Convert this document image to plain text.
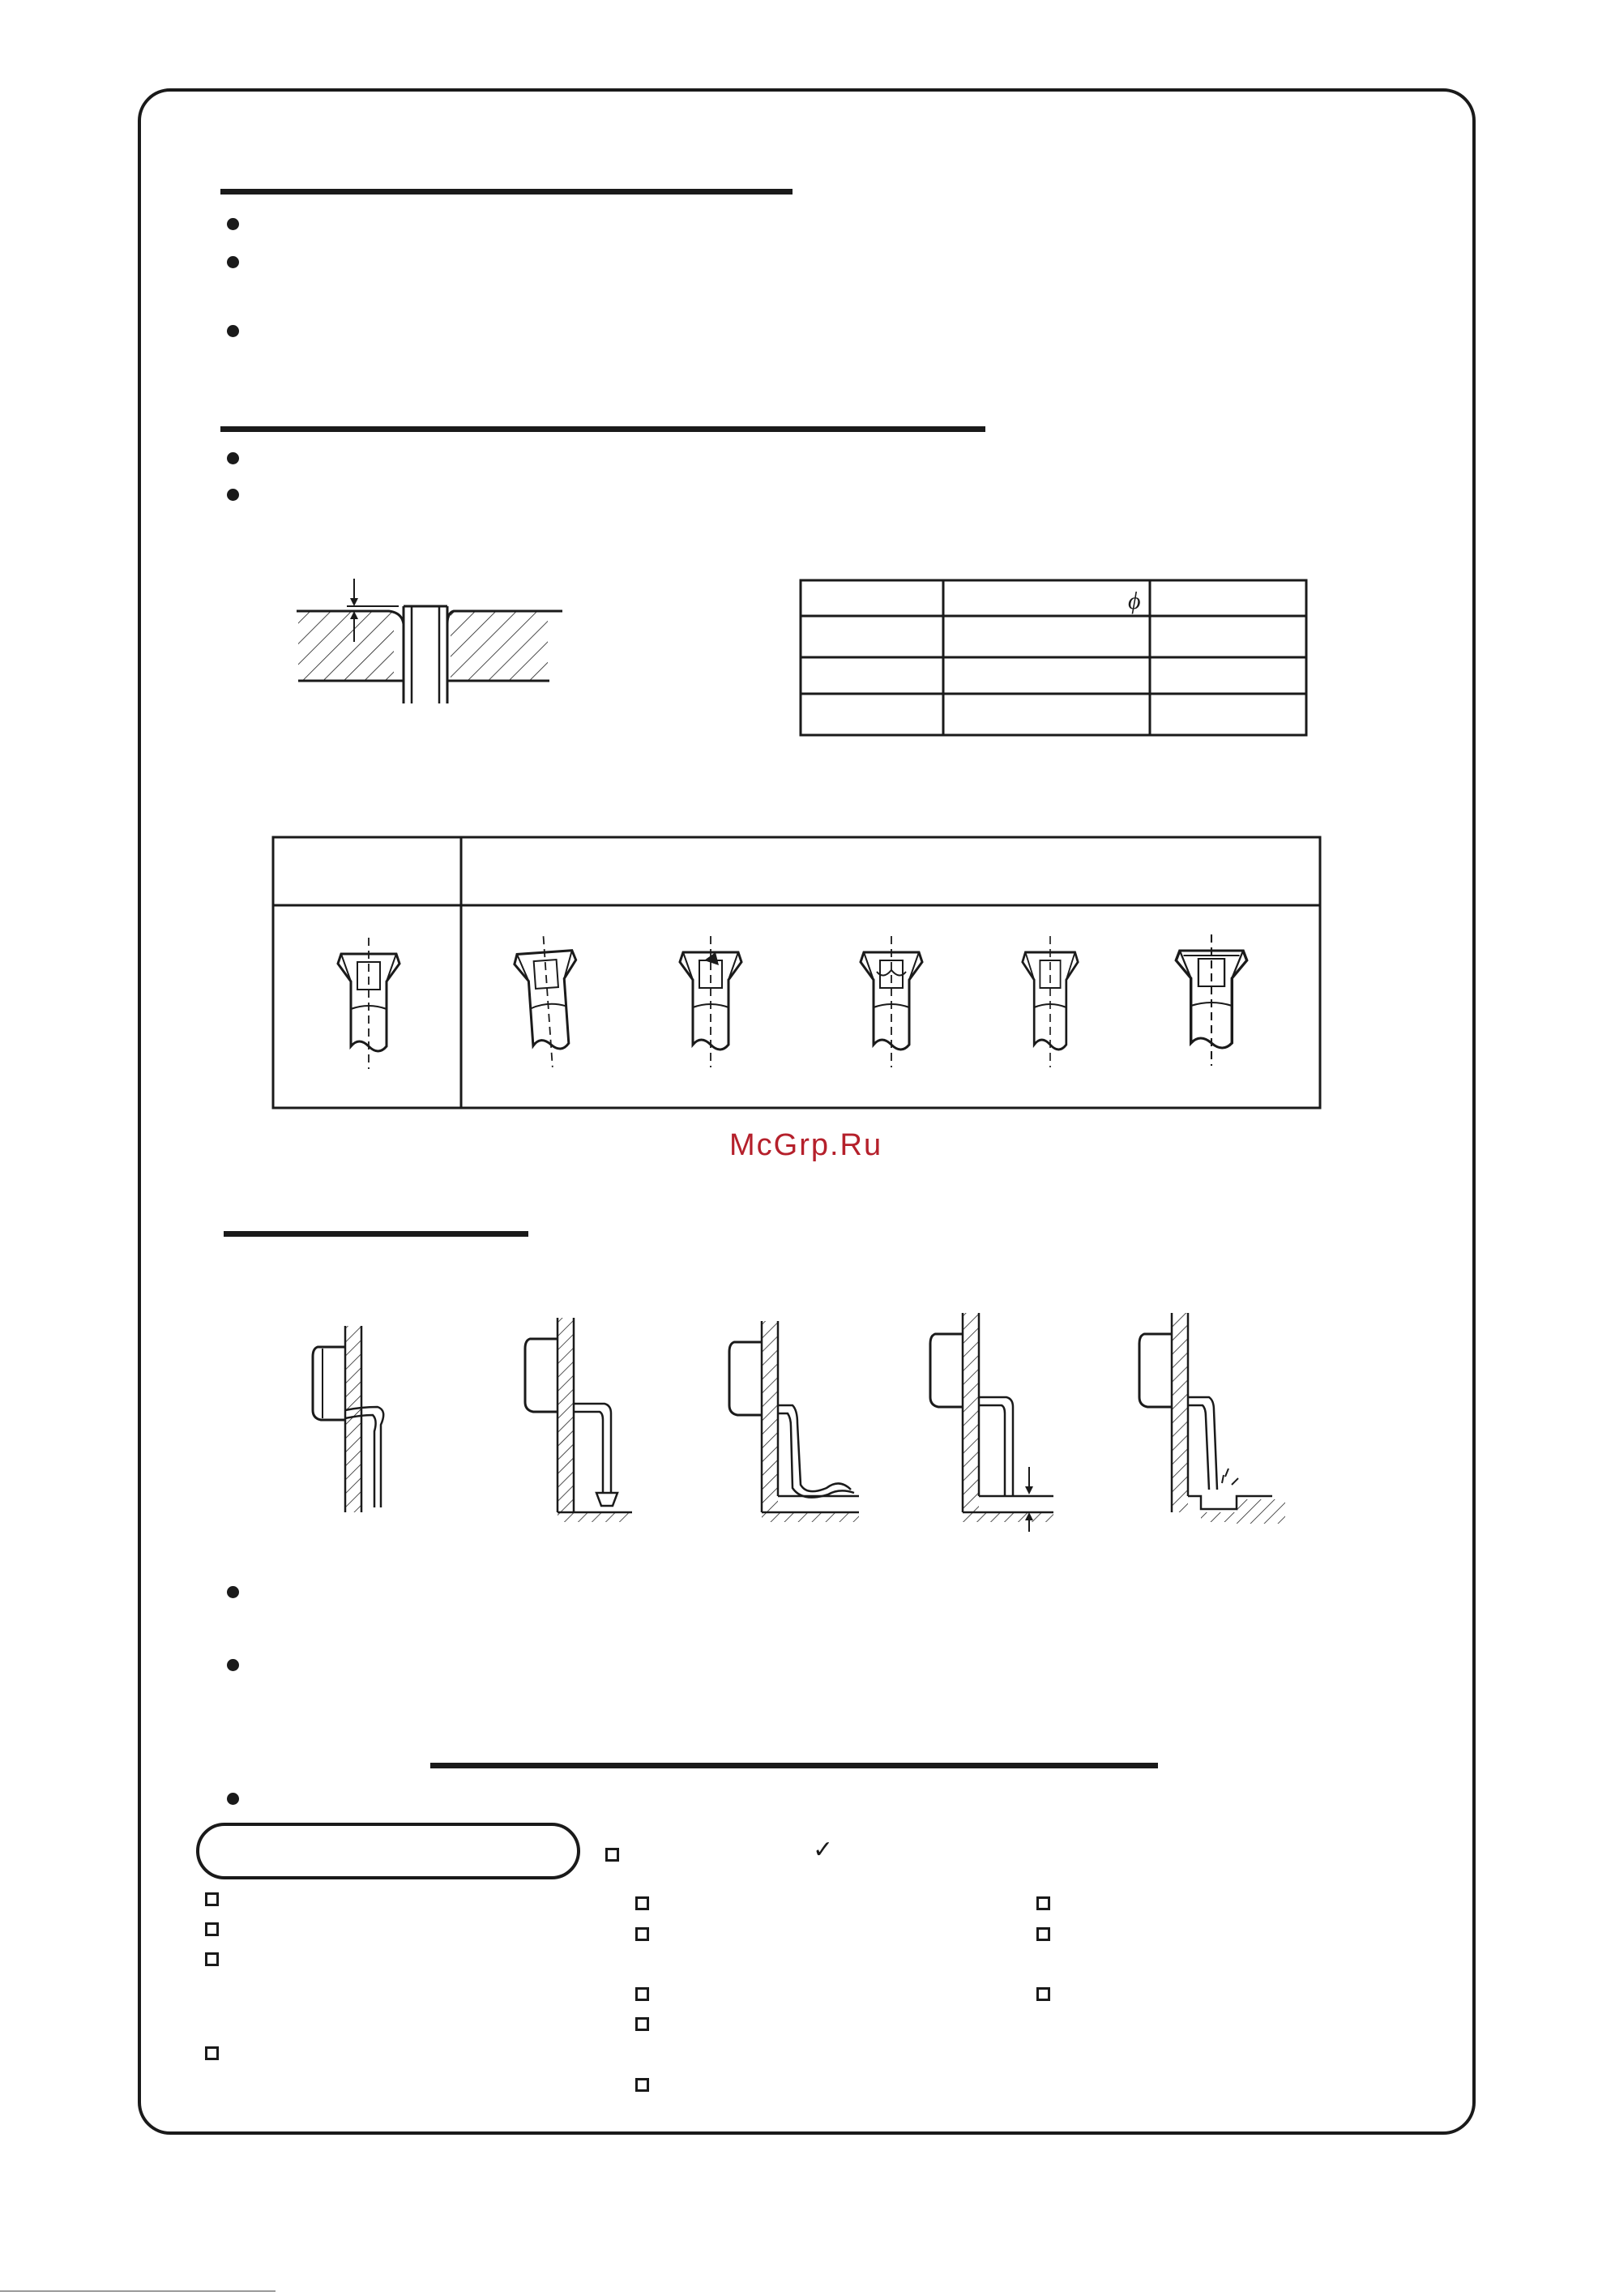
ϕ
McGrp.Ru
✓
